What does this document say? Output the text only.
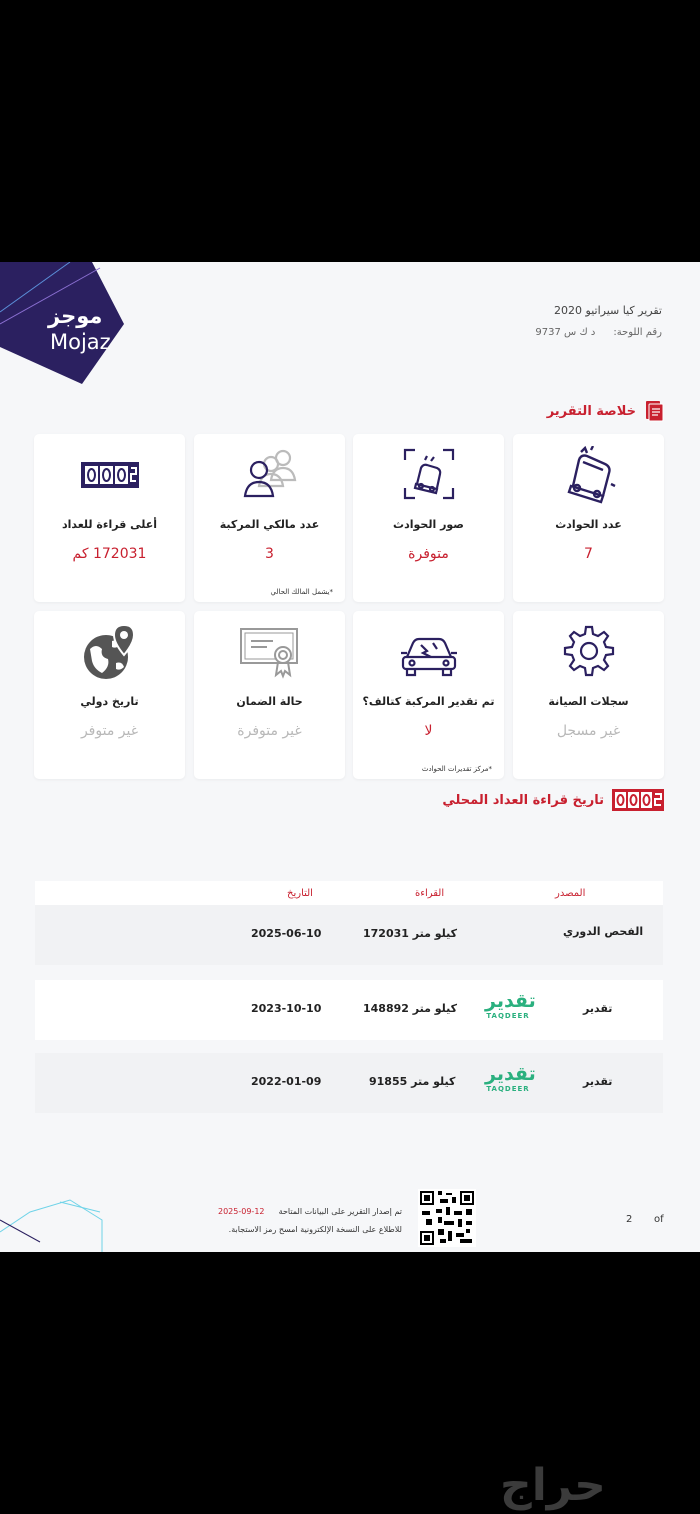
موجز
Mojaz
تقرير كيا سيراتيو 2020
رقم اللوحة:
د ك س 9737
خلاصة التقرير
عدد الحوادث
7
صور الحوادث
متوفرة
عدد مالكي المركبة
3
*يشمل المالك الحالي
أعلى قراءة للعداد
172031 كم
سجلات الصيانة
غير مسجل
تم تقدير المركبة كتالف؟
لا
*مركز تقديرات الحوادث
حالة الضمان
غير متوفرة
تاريخ دولي
غير متوفر
تاريخ قراءة العداد المحلي
المصدر
القراءة
التاريخ
الفحص الدوري
172031 كيلو متر
2025-06-10
تقدير
تقدير
TAQDEER
148892 كيلو متر
2023-10-10
تقدير
تقدير
TAQDEER
91855 كيلو متر
2022-01-09
تم إصدار التقرير على البيانات المتاحة
2025-09-12
للاطلاع على النسخة الإلكترونية امسح رمز الاستجابة.
2 of
حراج
